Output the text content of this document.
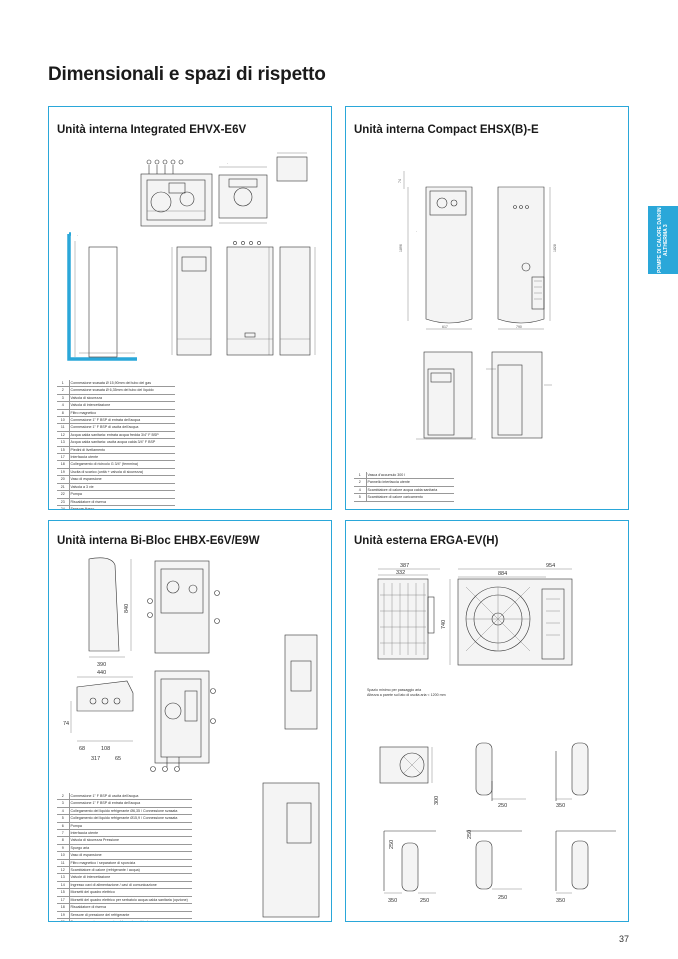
Dimensionali e spazi di rispetto
POMPE DI CALORE DAIKIN ALTHERMA 3
Unità interna Integrated EHVX-E6V
·
·
1	Connessione svasata Ø 15,90mm del tubo del gas
2	Connessione svasata Ø 6,35mm del tubo del liquido
3	Valvola di sicurezza
4	Valvola di intercettazione
8	Filtro magnetico
10	Connessione 1" F BSP di entrata dell'acqua
11	Connessione 1" F BSP di uscita dell'acqua
12	Acqua calda sanitaria: entrata acqua fredda 3/4" F BSP
13	Acqua calda sanitaria: uscita acqua calda 3/4" F BSP
15	Piedini di livellamento
17	Interfaccia utente
18	Collegamento di ricircolo G 3/4" (femmina)
19	Uscita di scarico (unità + valvola di sicurezza)
20	Vaso di espansione
21	Valvola a 3 vie
22	Pompa
23	Riscaldatore di riserva
24	Sensore flusso
Unità interna Compact EHSX(B)-E
1896
74
617
·
1828
790
1	Vasca d'accumulo 300 l
2	Pannello interfaccia utente
4	Scambiatore di calore acqua calda sanitaria
5	Scambiatore di calore caricamento
Unità interna Bi-Bloc EHBX-E6V/E9W
840
390
440
74
68	108
317	65
2	Connessione 1" F BSP di uscita dell'acqua
3	Connessione 1" F BSP di entrata dell'acqua
4	Collegamento del liquido refrigerante Ø6,35 / Connessione svasata
5	Collegamento del liquido refrigerante Ø15,9 / Connessione svasata
6	Pompa
7	Interfaccia utente
8	Valvola di sicurezza Pressione
9	Spurgo aria
10	Vaso di espansione
11	Filtro magnetico / separatore di sporcizia
12	Scambiatore di calore (refrigerante / acqua)
13	Valvole di intercettazione
14	Ingresso cavi di alimentazione / cavi di comunicazione
15	Morsetti del quadro elettrico
17	Morsetti del quadro elettrico per serbatoio acqua calda sanitaria (opzione)
18	Riscaldatore di riserva
19	Sensore di pressione del refrigerante
20	Sensore pressione acqua riscaldamento ambiente
Unità esterna ERGA-EV(H)
387
332	884
954
740
300
250	350
350	250
250
250
250
350
Spazio minimo per passaggio aria
Altezza a parete sul lato di uscita aria < 1200 mm
37
